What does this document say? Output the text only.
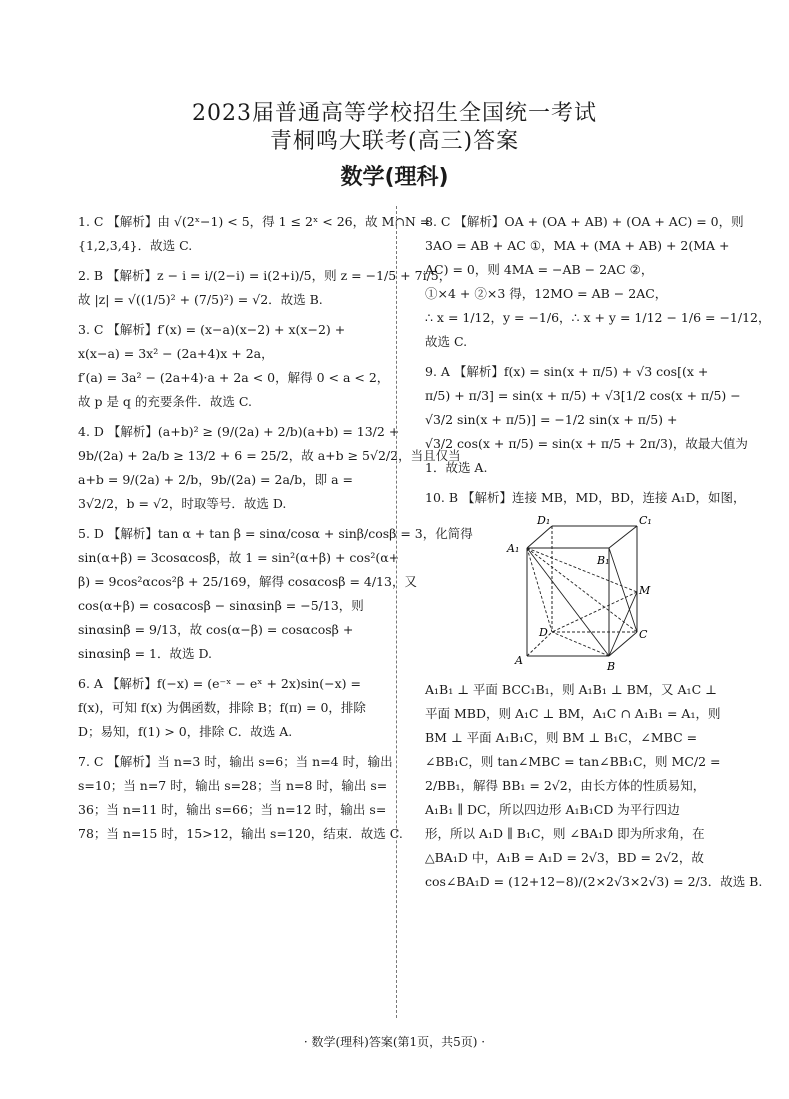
2023届普通高等学校招生全国统一考试
青桐鸣大联考(高三)答案
数学(理科)
1. C 【解析】由 √(2ˣ−1) < 5，得 1 ≤ 2ˣ < 26，故 M∩N =
{1,2,3,4}．故选 C.
2. B 【解析】z − i = i/(2−i) = i(2+i)/5，则 z = −1/5 + 7i/5，
故 |z| = √((1/5)² + (7/5)²) = √2．故选 B.
3. C 【解析】f′(x) = (x−a)(x−2) + x(x−2) +
x(x−a) = 3x² − (2a+4)x + 2a，
f′(a) = 3a² − (2a+4)·a + 2a < 0，解得 0 < a < 2，
故 p 是 q 的充要条件．故选 C.
4. D 【解析】(a+b)² ≥ (9/(2a) + 2/b)(a+b) = 13/2 +
9b/(2a) + 2a/b ≥ 13/2 + 6 = 25/2，故 a+b ≥ 5√2/2，当且仅当
a+b = 9/(2a) + 2/b，9b/(2a) = 2a/b，即 a = 3√2/2，b = √2，时取等号．故选 D.
5. D 【解析】tan α + tan β = sinα/cosα + sinβ/cosβ = 3，化简得
sin(α+β) = 3cosαcosβ，故 1 = sin²(α+β) + cos²(α+
β) = 9cos²αcos²β + 25/169，解得 cosαcosβ = 4/13，又
cos(α+β) = cosαcosβ − sinαsinβ = −5/13，则
sinαsinβ = 9/13，故 cos(α−β) = cosαcosβ +
sinαsinβ = 1．故选 D.
6. A 【解析】f(−x) = (e⁻ˣ − eˣ + 2x)sin(−x) =
f(x)，可知 f(x) 为偶函数，排除 B；f(π) = 0，排除
D；易知，f(1) > 0，排除 C．故选 A.
7. C 【解析】当 n=3 时，输出 s=6；当 n=4 时，输出
s=10；当 n=7 时，输出 s=28；当 n=8 时，输出 s=
36；当 n=11 时，输出 s=66；当 n=12 时，输出 s=
78；当 n=15 时，15>12，输出 s=120，结束．故选 C.
8. C 【解析】OA + (OA + AB) + (OA + AC) = 0，则
3AO = AB + AC ①，MA + (MA + AB) + 2(MA +
AC) = 0，则 4MA = −AB − 2AC ②，
①×4 + ②×3 得，12MO = AB − 2AC，
∴ x = 1/12，y = −1/6，∴ x + y = 1/12 − 1/6 = −1/12，
故选 C.
9. A 【解析】f(x) = sin(x + π/5) + √3 cos[(x +
π/5) + π/3] = sin(x + π/5) + √3[1/2 cos(x + π/5) −
√3/2 sin(x + π/5)] = −1/2 sin(x + π/5) +
√3/2 cos(x + π/5) = sin(x + π/5 + 2π/3)，故最大值为
1．故选 A.
10. B 【解析】连接 MB，MD，BD，连接 A₁D，如图，
D₁	C₁
A₁
B₁
M
D	C
A	B
A₁B₁ ⊥ 平面 BCC₁B₁，则 A₁B₁ ⊥ BM，又 A₁C ⊥
平面 MBD，则 A₁C ⊥ BM，A₁C ∩ A₁B₁ = A₁，则
BM ⊥ 平面 A₁B₁C，则 BM ⊥ B₁C，∠MBC =
∠BB₁C，则 tan∠MBC = tan∠BB₁C，则 MC/2 =
2/BB₁，解得 BB₁ = 2√2，由长方体的性质易知，
A₁B₁ ∥ DC，所以四边形 A₁B₁CD 为平行四边
形，所以 A₁D ∥ B₁C，则 ∠BA₁D 即为所求角，在
△BA₁D 中，A₁B = A₁D = 2√3，BD = 2√2，故
cos∠BA₁D = (12+12−8)/(2×2√3×2√3) = 2/3．故选 B.
· 数学(理科)答案(第1页，共5页) ·
